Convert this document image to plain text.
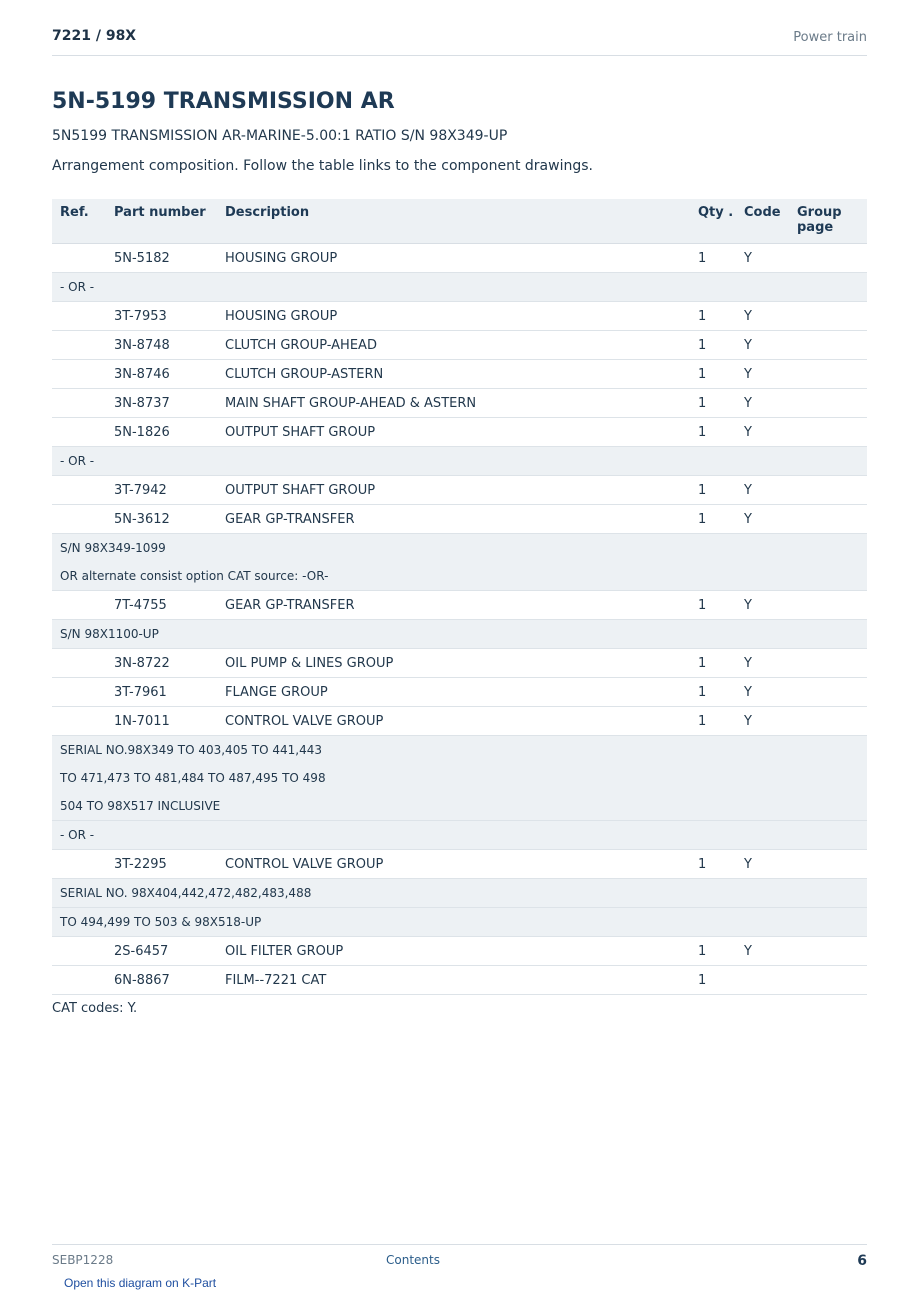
7221 / 98X	Power train
5N-5199 TRANSMISSION AR
5N5199 TRANSMISSION AR-MARINE-5.00:1 RATIO S/N 98X349-UP
Arrangement composition. Follow the table links to the component drawings.
Ref.	Part number	Description	Qty .	Code	Group page
	5N-5182	HOUSING GROUP	1	Y	

- OR -					

	3T-7953	HOUSING GROUP	1	Y	
	3N-8748	CLUTCH GROUP-AHEAD	1	Y	
	3N-8746	CLUTCH GROUP-ASTERN	1	Y	
	3N-8737	MAIN SHAFT GROUP-AHEAD & ASTERN	1	Y	
	5N-1826	OUTPUT SHAFT GROUP	1	Y	

- OR -					

	3T-7942	OUTPUT SHAFT GROUP	1	Y	
	5N-3612	GEAR GP-TRANSFER	1	Y	

S/N 98X349-1099
OR alternate consist option CAT source: -OR-					

	7T-4755	GEAR GP-TRANSFER	1	Y	

S/N 98X1100-UP					

	3N-8722	OIL PUMP & LINES GROUP	1	Y	
	3T-7961	FLANGE GROUP	1	Y	
	1N-7011	CONTROL VALVE GROUP	1	Y	

SERIAL NO.98X349 TO 403,405 TO 441,443
TO 471,473 TO 481,484 TO 487,495 TO 498
504 TO 98X517 INCLUSIVE					

- OR -					

	3T-2295	CONTROL VALVE GROUP	1	Y	

SERIAL NO. 98X404,442,472,482,483,488					

TO 494,499 TO 503 & 98X518-UP					

	2S-6457	OIL FILTER GROUP	1	Y	
	6N-8867	FILM--7221 CAT	1		
CAT codes: Y.
SEBP1228	Contents	6
Open this diagram on K-Part
